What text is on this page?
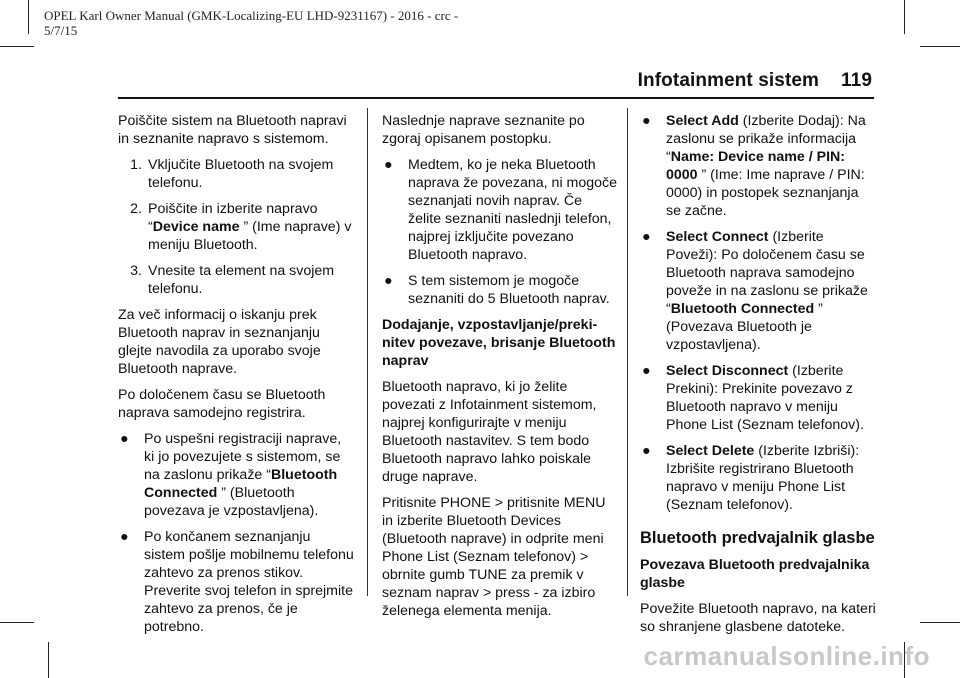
OPEL Karl Owner Manual (GMK-Localizing-EU LHD-9231167) - 2016 - crc -
5/7/15
Infotainment sistem 119

Poiščite sistem na Bluetooth napravi in seznanite napravo s sistemom.

1. Vključite Bluetooth na svojem telefonu.
2. Poiščite in izberite napravo “Device name ” (Ime naprave) v meniju Bluetooth.
3. Vnesite ta element na svojem telefonu.

Za več informacij o iskanju prek Bluetooth naprav in seznanjanju glejte navodila za uporabo svoje Bluetooth naprave.

Po določenem času se Bluetooth naprava samodejno registrira.

●	Po uspešni registraciji naprave, ki jo povezujete s sistemom, se na zaslonu prikaže “Bluetooth Connected ” (Bluetooth povezava je vzpostavljena).
●	Po končanem seznanjanju sistem pošlje mobilnemu telefonu zahtevo za prenos stikov. Preverite svoj telefon in sprejmite zahtevo za prenos, če je potrebno.

Naslednje naprave seznanite po zgoraj opisanem postopku.

●	Medtem, ko je neka Bluetooth naprava že povezana, ni mogoče seznanjati novih naprav. Če želite seznaniti naslednji telefon, najprej izključite povezano Bluetooth napravo.
●	S tem sistemom je mogoče seznaniti do 5 Bluetooth naprav.

Dodajanje, vzpostavljanje/preki-nitev povezave, brisanje Bluetooth naprav

Bluetooth napravo, ki jo želite povezati z Infotainment sistemom, najprej konfigurirajte v meniju Bluetooth nastavitev. S tem bodo Bluetooth napravo lahko poiskale druge naprave.

Pritisnite PHONE > pritisnite MENU in izberite Bluetooth Devices (Bluetooth naprave) in odprite meni Phone List (Seznam telefonov) > obrnite gumb TUNE za premik v seznam naprav > press - za izbiro želenega elementa menija.

●	Select Add (Izberite Dodaj): Na zaslonu se prikaže informacija “Name: Device name / PIN: 0000 ” (Ime: Ime naprave / PIN: 0000) in postopek seznanjanja se začne.
●	Select Connect (Izberite Poveži): Po določenem času se Bluetooth naprava samodejno poveže in na zaslonu se prikaže “Bluetooth Connected ” (Povezava Bluetooth je vzpostavljena).
●	Select Disconnect (Izberite Prekini): Prekinite povezavo z Bluetooth napravo v meniju Phone List (Seznam telefonov).
●	Select Delete (Izberite Izbriši): Izbrišite registrirano Bluetooth napravo v meniju Phone List (Seznam telefonov).
Bluetooth predvajalnik glasbe

Povezava Bluetooth predvajalnika glasbe

Povežite Bluetooth napravo, na kateri so shranjene glasbene datoteke.

carmanualsonline.info
